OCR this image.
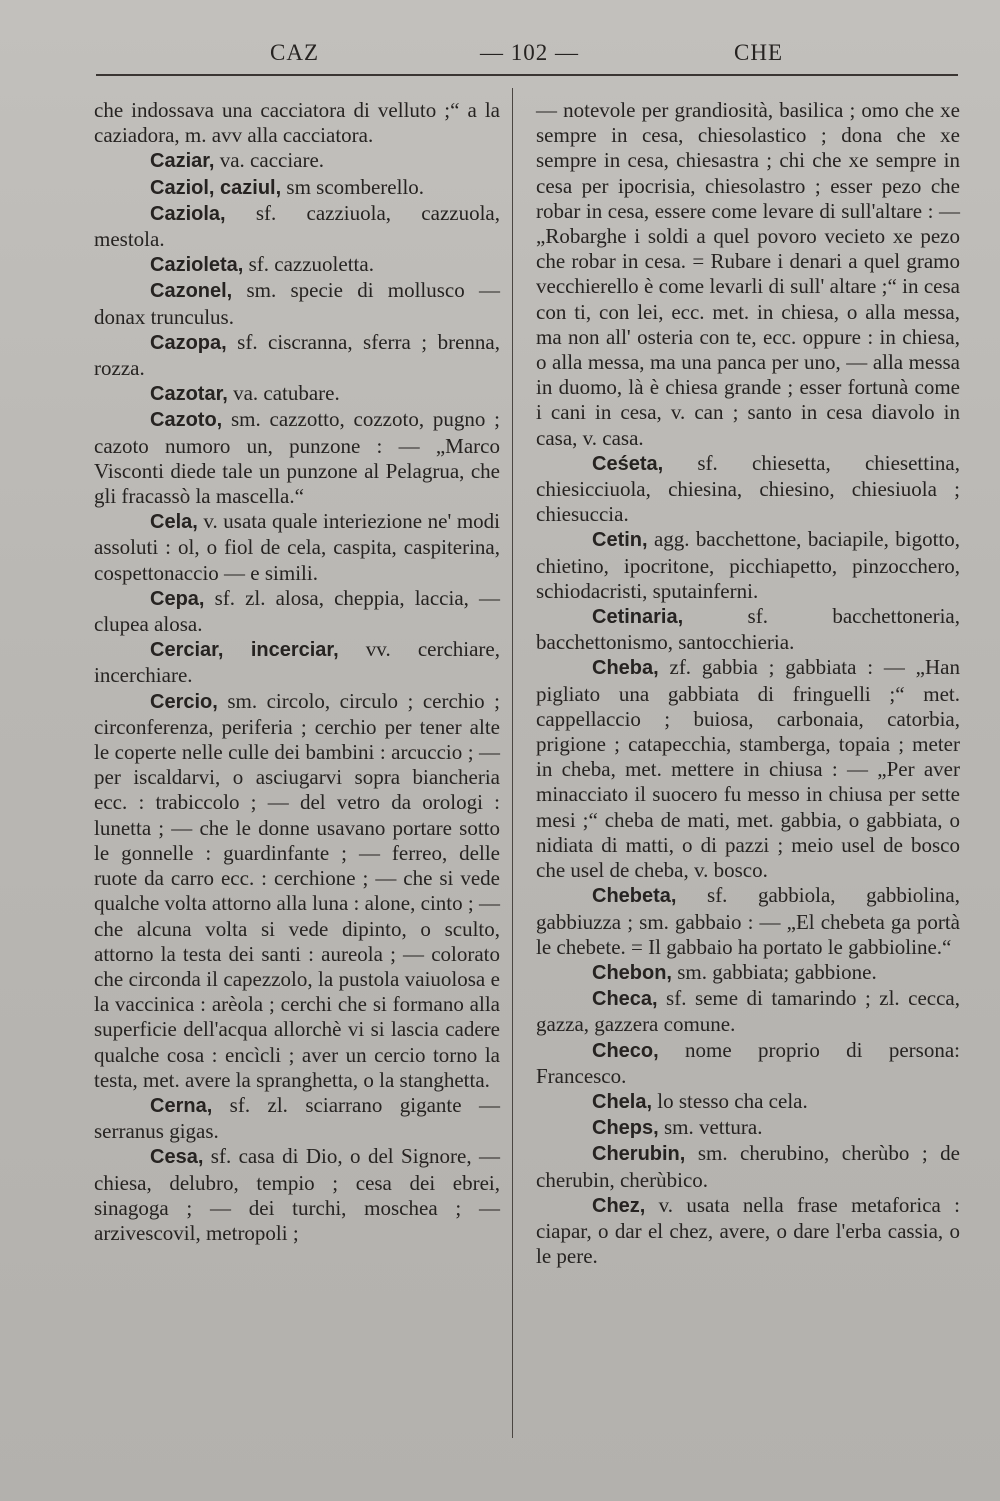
CAZ	— 102 —	CHE

che indossava una cacciatora di velluto ;“ a la caziadora, m. avv alla cacciatora.

Caziar, va. cacciare.

Caziol, caziul, sm scomberello.

Caziola, sf. cazziuola, cazzuola, mestola.

Cazioleta, sf. cazzuoletta.

Cazonel, sm. specie di mollusco — donax trunculus.

Cazopa, sf. ciscranna, sferra ; brenna, rozza.

Cazotar, va. catubare.

Cazoto, sm. cazzotto, cozzoto, pugno ; cazoto numoro un, punzone : — „Marco Visconti diede tale un punzone al Pelagrua, che gli fracassò la mascella.“

Cela, v. usata quale interiezione ne' modi assoluti : ol, o fiol de cela, caspita, caspiterina, cospettonaccio — e simili.

Cepa, sf. zl. alosa, cheppia, laccia, — clupea alosa.

Cerciar, incerciar, vv. cerchiare, incerchiare.

Cercio, sm. circolo, circulo ; cerchio ; circonferenza, periferia ; cerchio per tener alte le coperte nelle culle dei bambini : arcuccio ; — per iscaldarvi, o asciugarvi sopra biancheria ecc. : trabiccolo ; — del vetro da orologi : lunetta ; — che le donne usavano portare sotto le gonnelle : guardinfante ; — ferreo, delle ruote da carro ecc. : cerchione ; — che si vede qualche volta attorno alla luna : alone, cinto ; — che alcuna volta si vede dipinto, o sculto, attorno la testa dei santi : aureola ; — colorato che circonda il capezzolo, la pustola vaiuolosa e la vaccinica : arèola ; cerchi che si formano alla superficie dell'acqua allorchè vi si lascia cadere qualche cosa : encìcli ; aver un cercio torno la testa, met. avere la spranghetta, o la stanghetta.

Cerna, sf. zl. sciarrano gigante — serranus gigas.

Cesa, sf. casa di Dio, o del Signore, — chiesa, delubro, tempio ; cesa dei ebrei, sinagoga ; — dei turchi, moschea ; — arzivescovil, metropoli ;

— notevole per grandiosità, basilica ; omo che xe sempre in cesa, chiesolastico ; dona che xe sempre in cesa, chiesastra ; chi che xe sempre in cesa per ipocrisia, chiesolastro ; esser pezo che robar in cesa, essere come levare di sull'altare : — „Robarghe i soldi a quel povoro vecieto xe pezo che robar in cesa. = Rubare i denari a quel gramo vecchierello è come levarli di sull' altare ;“ in cesa con ti, con lei, ecc. met. in chiesa, o alla messa, ma non all' osteria con te, ecc. oppure : in chiesa, o alla messa, ma una panca per uno, — alla messa in duomo, là è chiesa grande ; esser fortunà come i cani in cesa, v. can ; santo in cesa diavolo in casa, v. casa.

Ceśeta, sf. chiesetta, chiesettina, chiesicciuola, chiesina, chiesino, chiesiuola ; chiesuccia.

Cetin, agg. bacchettone, baciapile, bigotto, chietino, ipocritone, picchiapetto, pinzocchero, schiodacristi, sputainferni.

Cetinaria, sf. bacchettoneria, bacchettonismo, santocchieria.

Cheba, zf. gabbia ; gabbiata : — „Han pigliato una gabbiata di fringuelli ;“ met. cappellaccio ; buiosa, carbonaia, catorbia, prigione ; catapecchia, stamberga, topaia ; meter in cheba, met. mettere in chiusa : — „Per aver minacciato il suocero fu messo in chiusa per sette mesi ;“ cheba de mati, met. gabbia, o gabbiata, o nidiata di matti, o di pazzi ; meio usel de bosco che usel de cheba, v. bosco.

Chebeta, sf. gabbiola, gabbiolina, gabbiuzza ; sm. gabbaio : — „El chebeta ga portà le chebete. = Il gabbaio ha portato le gabbioline.“

Chebon, sm. gabbiata; gabbione.

Checa, sf. seme di tamarindo ; zl. cecca, gazza, gazzera comune.

Checo, nome proprio di persona: Francesco.

Chela, lo stesso cha cela.

Cheps, sm. vettura.

Cherubin, sm. cherubino, cherùbo ; de cherubin, cherùbico.

Chez, v. usata nella frase metaforica : ciapar, o dar el chez, avere, o dare l'erba cassia, o le pere.
